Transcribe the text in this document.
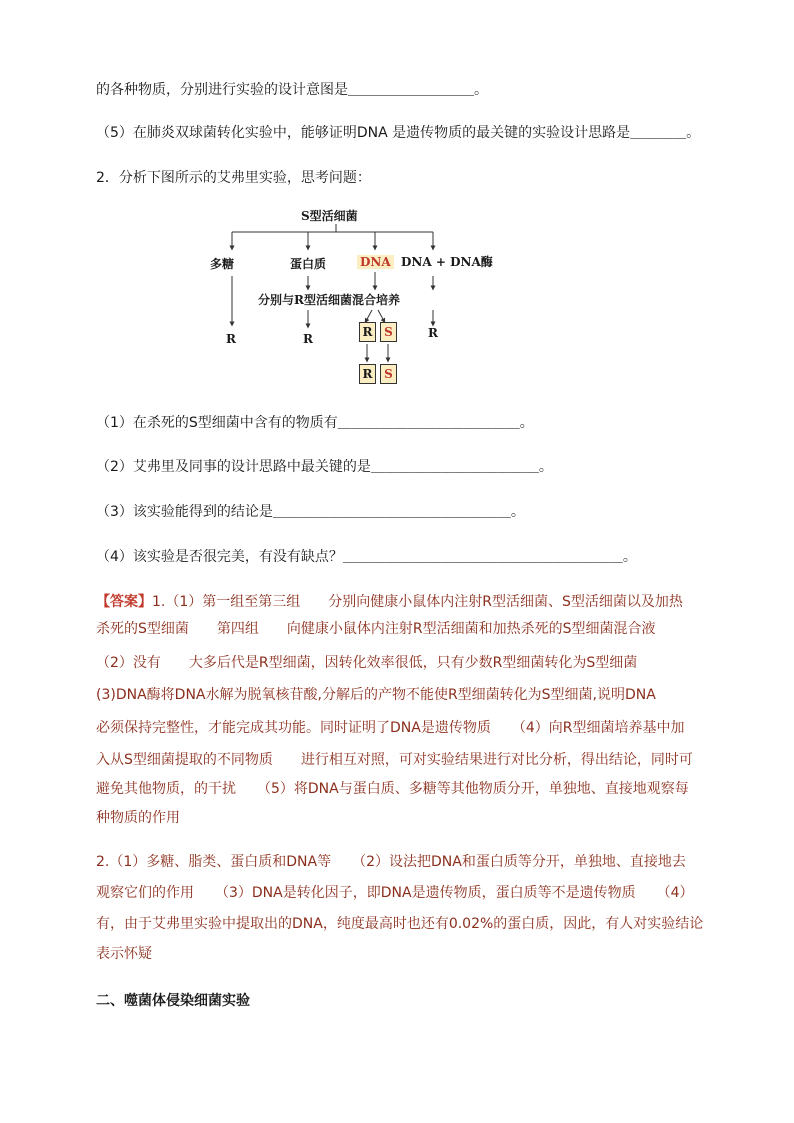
的各种物质，分别进行实验的设计意图是＿＿＿＿＿＿＿＿＿。
（5）在肺炎双球菌转化实验中，能够证明DNA 是遗传物质的最关键的实验设计思路是＿＿＿＿。
2．分析下图所示的艾弗里实验，思考问题：
S型活细菌
多糖	蛋白质	DNA DNA + DNA酶
分别与R型活细菌混合培养
R	R	R
R S
R S
（1）在杀死的S型细菌中含有的物质有＿＿＿＿＿＿＿＿＿＿＿＿＿。
（2）艾弗里及同事的设计思路中最关键的是＿＿＿＿＿＿＿＿＿＿＿＿。
（3）该实验能得到的结论是＿＿＿＿＿＿＿＿＿＿＿＿＿＿＿＿＿。
（4）该实验是否很完美，有没有缺点？＿＿＿＿＿＿＿＿＿＿＿＿＿＿＿＿＿＿＿＿。
【答案】1.（1）第一组至第三组　　分别向健康小鼠体内注射R型活细菌、S型活细菌以及加热
杀死的S型细菌　　第四组　　向健康小鼠体内注射R型活细菌和加热杀死的S型细菌混合液
（2）没有　　大多后代是R型细菌，因转化效率很低，只有少数R型细菌转化为S型细菌
(3)DNA酶将DNA水解为脱氧核苷酸,分解后的产物不能使R型细菌转化为S型细菌,说明DNA
必须保持完整性，才能完成其功能。同时证明了DNA是遗传物质　　（4）向R型细菌培养基中加
入从S型细菌提取的不同物质　　进行相互对照，可对实验结果进行对比分析，得出结论，同时可
避免其他物质，的干扰　　（5）将DNA与蛋白质、多糖等其他物质分开，单独地、直接地观察每
种物质的作用
2.（1）多糖、脂类、蛋白质和DNA等　　（2）设法把DNA和蛋白质等分开，单独地、直接地去
观察它们的作用　　（3）DNA是转化因子，即DNA是遗传物质，蛋白质等不是遗传物质　　（4）
有，由于艾弗里实验中提取出的DNA，纯度最高时也还有0.02%的蛋白质，因此，有人对实验结论
表示怀疑
二、噬菌体侵染细菌实验
